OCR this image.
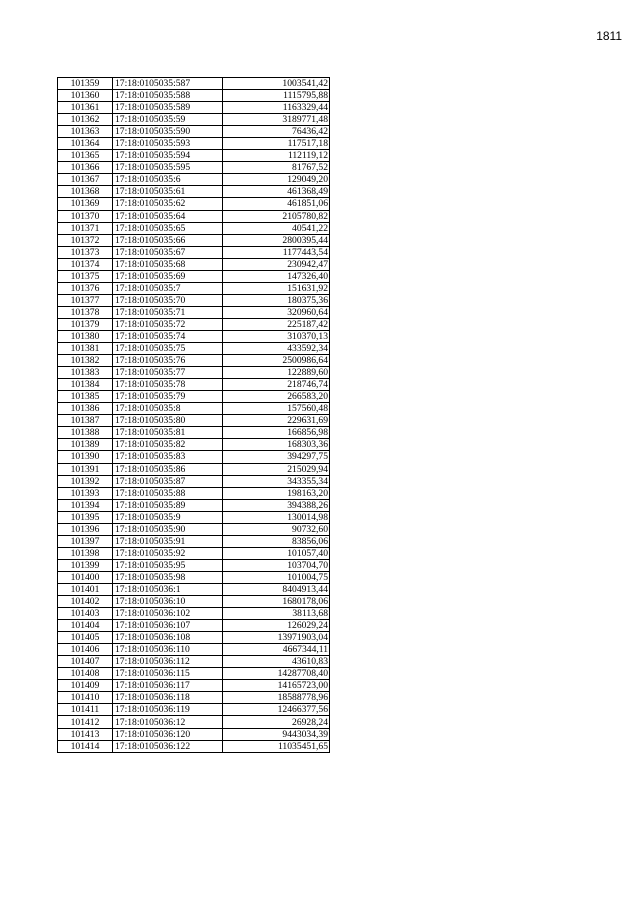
1811
101359	17:18:0105035:587	1003541,42
101360	17:18:0105035:588	1115795,88
101361	17:18:0105035:589	1163329,44
101362	17:18:0105035:59	3189771,48
101363	17:18:0105035:590	76436,42
101364	17:18:0105035:593	117517,18
101365	17:18:0105035:594	112119,12
101366	17:18:0105035:595	81767,52
101367	17:18:0105035:6	129049,20
101368	17:18:0105035:61	461368,49
101369	17:18:0105035:62	461851,06
101370	17:18:0105035:64	2105780,82
101371	17:18:0105035:65	40541,22
101372	17:18:0105035:66	2800395,44
101373	17:18:0105035:67	1177443,54
101374	17:18:0105035:68	230942,47
101375	17:18:0105035:69	147326,40
101376	17:18:0105035:7	151631,92
101377	17:18:0105035:70	180375,36
101378	17:18:0105035:71	320960,64
101379	17:18:0105035:72	225187,42
101380	17:18:0105035:74	310370,13
101381	17:18:0105035:75	433592,34
101382	17:18:0105035:76	2500986,64
101383	17:18:0105035:77	122889,60
101384	17:18:0105035:78	218746,74
101385	17:18:0105035:79	266583,20
101386	17:18:0105035:8	157560,48
101387	17:18:0105035:80	229631,69
101388	17:18:0105035:81	166856,98
101389	17:18:0105035:82	168303,36
101390	17:18:0105035:83	394297,75
101391	17:18:0105035:86	215029,94
101392	17:18:0105035:87	343355,34
101393	17:18:0105035:88	198163,20
101394	17:18:0105035:89	394388,26
101395	17:18:0105035:9	130014,98
101396	17:18:0105035:90	90732,60
101397	17:18:0105035:91	83856,06
101398	17:18:0105035:92	101057,40
101399	17:18:0105035:95	103704,70
101400	17:18:0105035:98	101004,75
101401	17:18:0105036:1	8404913,44
101402	17:18:0105036:10	1680178,06
101403	17:18:0105036:102	38113,68
101404	17:18:0105036:107	126029,24
101405	17:18:0105036:108	13971903,04
101406	17:18:0105036:110	4667344,11
101407	17:18:0105036:112	43610,83
101408	17:18:0105036:115	14287708,40
101409	17:18:0105036:117	14165723,00
101410	17:18:0105036:118	18588778,96
101411	17:18:0105036:119	12466377,56
101412	17:18:0105036:12	26928,24
101413	17:18:0105036:120	9443034,39
101414	17:18:0105036:122	11035451,65
